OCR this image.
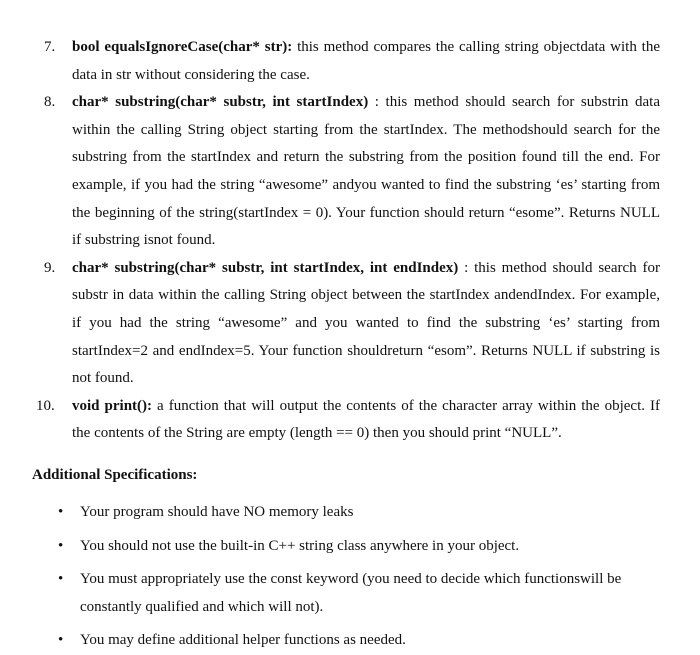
7. bool equalsIgnoreCase(char* str): this method compares the calling string objectdata with the data in str without considering the case.
8. char* substring(char* substr, int startIndex) : this method should search for substrin data within the calling String object starting from the startIndex. The methodshould search for the substring from the startIndex and return the substring from the position found till the end. For example, if you had the string “awesome” andyou wanted to find the substring ‘es’ starting from the beginning of the string(startIndex = 0). Your function should return “esome”. Returns NULL if substring isnot found.
9. char* substring(char* substr, int startIndex, int endIndex) : this method should search for substr in data within the calling String object between the startIndex andendIndex. For example, if you had the string “awesome” and you wanted to find the substring ‘es’ starting from startIndex=2 and endIndex=5. Your function shouldreturn “esom”. Returns NULL if substring is not found.
10. void print(): a function that will output the contents of the character array within the object. If the contents of the String are empty (length == 0) then you should print “NULL”.
Additional Specifications:
• Your program should have NO memory leaks
• You should not use the built-in C++ string class anywhere in your object.
• You must appropriately use the const keyword (you need to decide which functionswill be constantly qualified and which will not).
• You may define additional helper functions as needed.
